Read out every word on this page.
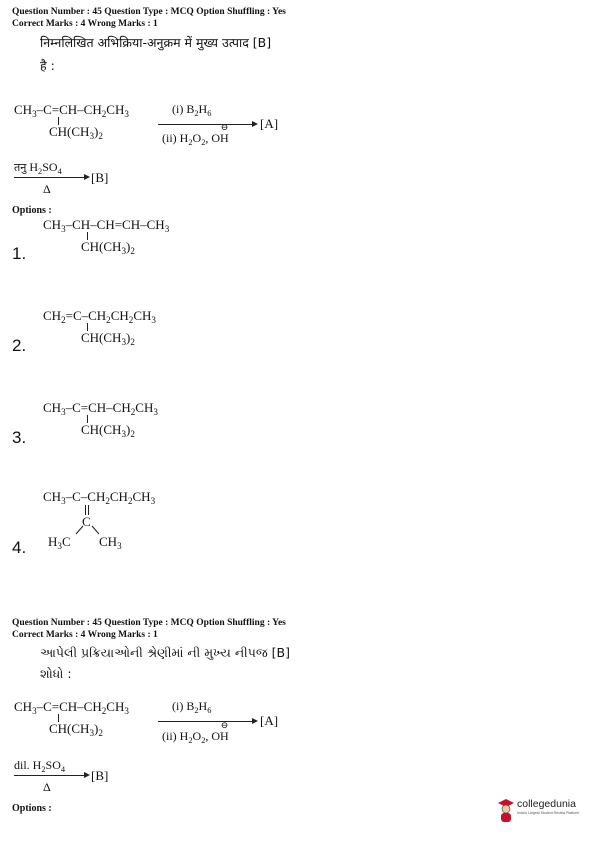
Question Number : 45 Question Type : MCQ Option Shuffling : Yes
Correct Marks : 4 Wrong Marks : 1
निम्नलिखित अभिक्रिया-अनुक्रम में मुख्य उत्पाद [B]
है :
$CH_3-C=CH-CH_2CH_3$
$CH(CH_3)_2$
(i) $B_2H_6$
[A]
(ii) $H_2O_2$, OH⊖
तनु $H_2SO_4$ [B]
Δ
Options :
$CH_3-CH-CH=CH-CH_3$
$CH(CH_3)_2$
1.
$CH_2=C-CH_2CH_2CH_3$
$CH(CH_3)_2$
2.
$CH_3-C=CH-CH_2CH_3$
$CH(CH_3)_2$
3.
$CH_3-C-CH_2CH_2CH_3$
C
$H_3C$ $CH_3$
4.
Question Number : 45 Question Type : MCQ Option Shuffling : Yes
Correct Marks : 4 Wrong Marks : 1
આપેલી પ્રક્રિયાઓની શ્રેણીમાં ની મુખ્ય નીપજ [B]
શોધો :
$CH_3-C=CH-CH_2CH_3$
$CH(CH_3)_2$
(i) $B_2H_6$
[A]
(ii) $H_2O_2$, OH⊖
dil. $H_2SO_4$ [B]
Δ
Options :	collegedunia
India's Largest Student Review Platform
